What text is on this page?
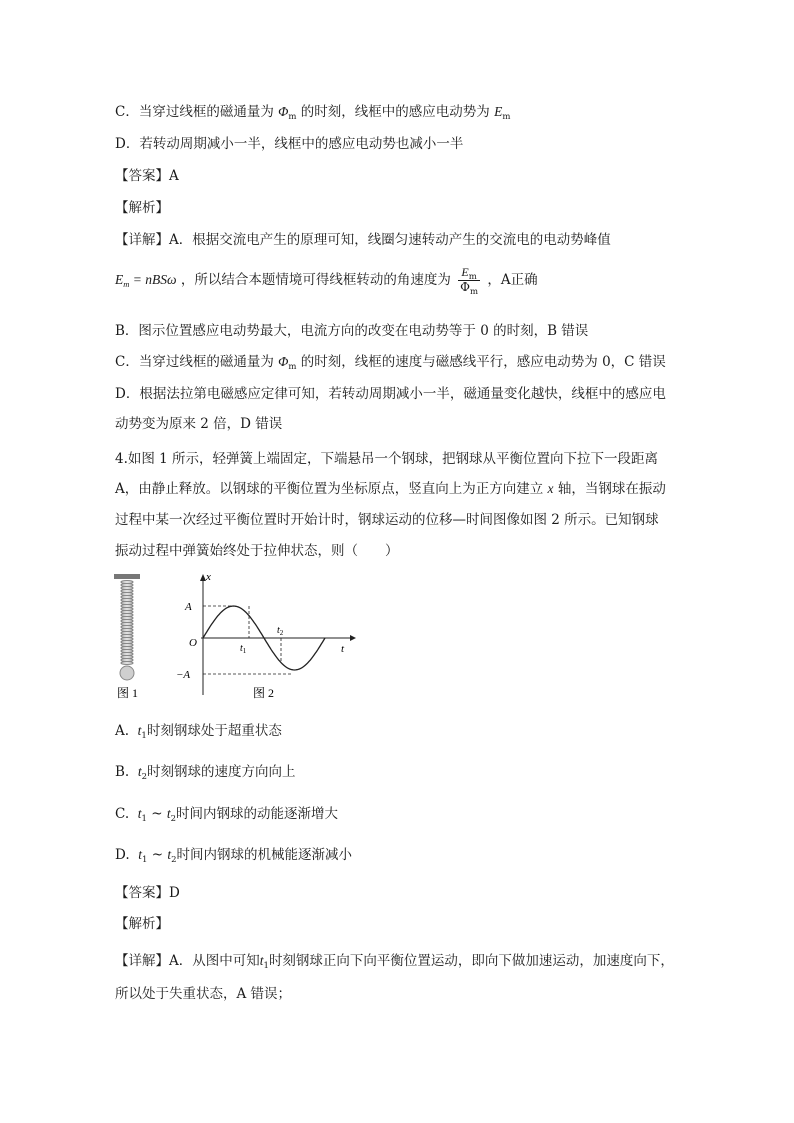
C．当穿过线框的磁通量为 $\Phi_m$ 的时刻，线框中的感应电动势为 $E_m$
D．若转动周期减小一半，线框中的感应电动势也减小一半
【答案】A
【解析】
【详解】A．根据交流电产生的原理可知，线圈匀速转动产生的交流电的电动势峰值
$E_m = nBS\omega$ ，所以结合本题情境可得线框转动的角速度为 $\frac{E_m}{\Phi_m}$ ，A正确
B．图示位置感应电动势最大，电流方向的改变在电动势等于 0 的时刻，B 错误
C．当穿过线框的磁通量为 $\Phi_m$ 的时刻，线框的速度与磁感线平行，感应电动势为 0，C 错误
D．根据法拉第电磁感应定律可知，若转动周期减小一半，磁通量变化越快，线框中的感应电
动势变为原来 2 倍，D 错误
4.如图 1 所示，轻弹簧上端固定，下端悬吊一个钢球，把钢球从平衡位置向下拉下一段距离
A，由静止释放。以钢球的平衡位置为坐标原点，竖直向上为正方向建立 x 轴，当钢球在振动
过程中某一次经过平衡位置时开始计时，钢球运动的位移—时间图像如图 2 所示。已知钢球
振动过程中弹簧始终处于拉伸状态，则（　　）
图 1
x
t
O
A
−A
$t_1$
$t_2$
图 2
A. $t_1$时刻钢球处于超重状态
B. $t_2$时刻钢球的速度方向向上
C. $t_1$ ~ $t_2$时间内钢球的动能逐渐增大
D. $t_1$ ~ $t_2$时间内钢球的机械能逐渐减小
【答案】D
【解析】
【详解】A．从图中可知$t_1$时刻钢球正向下向平衡位置运动，即向下做加速运动，加速度向下，
所以处于失重状态，A 错误；
